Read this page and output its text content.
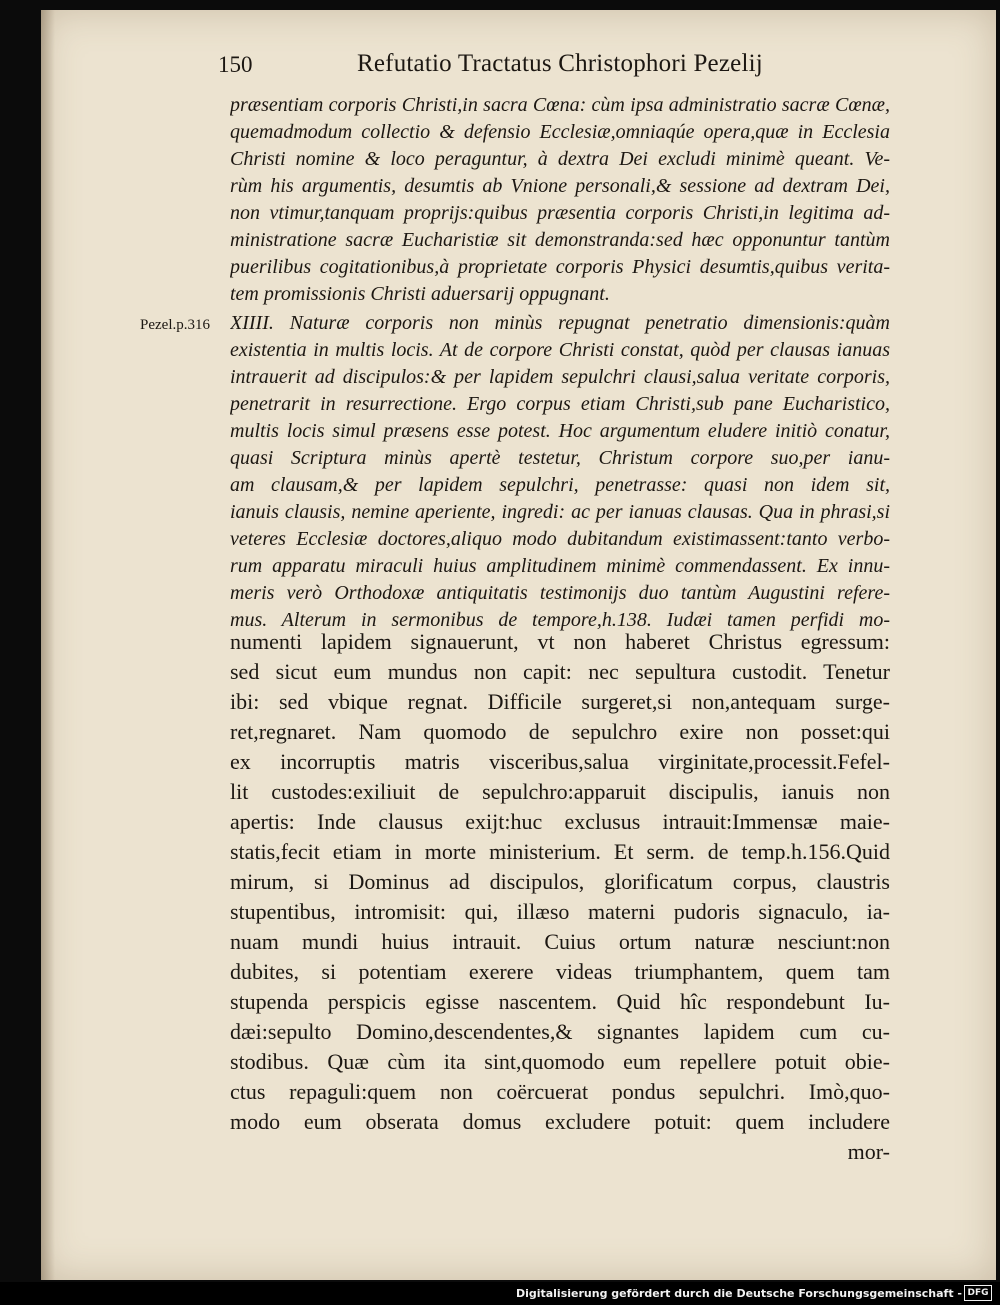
150	Refutatio Tractatus Christophori Pezelij
Pezel.p.316
præsentiam corporis Christi,in sacra Cœna: cùm ipsa administratio sacræ Cœnæ,
quemadmodum collectio & defensio Ecclesiæ,omniaqúe opera,quæ in Ecclesia
Christi nomine & loco peraguntur, à dextra Dei excludi minimè queant. Ve-
rùm his argumentis, desumtis ab Vnione personali,& sessione ad dextram Dei,
non vtimur,tanquam proprijs:quibus præsentia corporis Christi,in legitima ad-
ministratione sacræ Eucharistiæ sit demonstranda:sed hæc opponuntur tantùm
puerilibus cogitationibus,à proprietate corporis Physici desumtis,quibus verita-
tem promissionis Christi aduersarij oppugnant.
XIIII. Naturæ corporis non minùs repugnat penetratio dimensionis:quàm
existentia in multis locis. At de corpore Christi constat, quòd per clausas ianuas
intrauerit ad discipulos:& per lapidem sepulchri clausi,salua veritate corporis,
penetrarit in resurrectione. Ergo corpus etiam Christi,sub pane Eucharistico,
multis locis simul præsens esse potest. Hoc argumentum eludere initiò conatur,
quasi Scriptura minùs apertè testetur, Christum corpore suo,per ianu-
am clausam,& per lapidem sepulchri, penetrasse: quasi non idem sit,
ianuis clausis, nemine aperiente, ingredi: ac per ianuas clausas. Qua in phrasi,si
veteres Ecclesiæ doctores,aliquo modo dubitandum existimassent:tanto verbo-
rum apparatu miraculi huius amplitudinem minimè commendassent. Ex innu-
meris verò Orthodoxæ antiquitatis testimonijs duo tantùm Augustini refere-
mus. Alterum in sermonibus de tempore,h.138. Iudæi tamen perfidi mo-
numenti lapidem signauerunt, vt non haberet Christus egressum:
sed sicut eum mundus non capit: nec sepultura custodit. Tenetur
ibi: sed vbique regnat. Difficile surgeret,si non,antequam surge-
ret,regnaret. Nam quomodo de sepulchro exire non posset:qui
ex incorruptis matris visceribus,salua virginitate,processit.Fefel-
lit custodes:exiliuit de sepulchro:apparuit discipulis, ianuis non
apertis: Inde clausus exijt:huc exclusus intrauit:Immensæ maie-
statis,fecit etiam in morte ministerium. Et serm. de temp.h.156.Quid
mirum, si Dominus ad discipulos, glorificatum corpus, claustris
stupentibus, intromisit: qui, illæso materni pudoris signaculo, ia-
nuam mundi huius intrauit. Cuius ortum naturæ nesciunt:non
dubites, si potentiam exerere videas triumphantem, quem tam
stupenda perspicis egisse nascentem. Quid hîc respondebunt Iu-
dæi:sepulto Domino,descendentes,& signantes lapidem cum cu-
stodibus. Quæ cùm ita sint,quomodo eum repellere potuit obie-
ctus repaguli:quem non coërcuerat pondus sepulchri. Imò,quo-
modo eum obserata domus excludere potuit: quem includere
mor-
Digitalisierung gefördert durch die Deutsche Forschungsgemeinschaft - DFG
